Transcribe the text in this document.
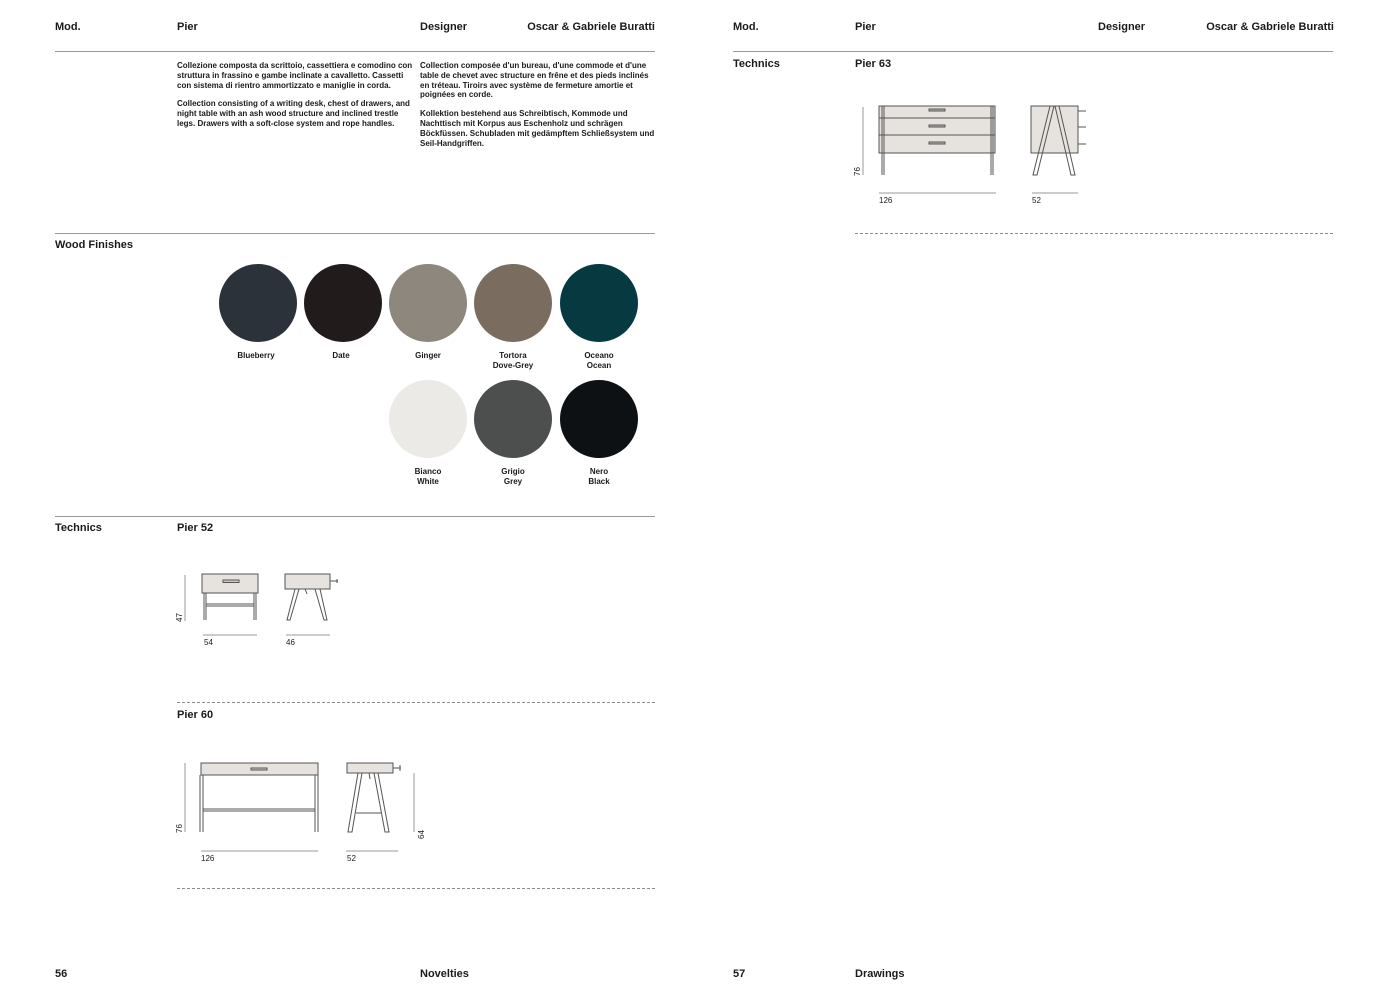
Mod.	Pier	Designer	Oscar & Gabriele Buratti

Collezione composta da scrittoio, cassettiera e comodino con struttura in frassino e gambe inclinate a cavalletto. Cassetti con sistema di rientro ammortizzato e maniglie in corda.

Collection consisting of a writing desk, chest of drawers, and night table with an ash wood structure and inclined trestle legs. Drawers with a soft-close system and rope handles.

Collection composée d'un bureau, d'une commode et d'une table de chevet avec structure en frêne et des pieds inclinés en tréteau. Tiroirs avec système de fermeture amortie et poignées en corde.

Kollektion bestehend aus Schreibtisch, Kommode und Nachttisch mit Korpus aus Eschenholz und schrägen Böckfüssen. Schubladen mit gedämpftem Schließsystem und Seil-Handgriffen.

Wood Finishes
Blueberry	Date	Ginger	Tortora
Dove-Grey
Oceano
Ocean
Bianco
White
Grigio
Grey
Nero
Black
Technics	Pier 52
47
54	46
Pier 60
76
126	52
64
56	Novelties
Mod.	Pier	Designer	Oscar & Gabriele Buratti
Technics	Pier 63
76
126	52
57	Drawings
